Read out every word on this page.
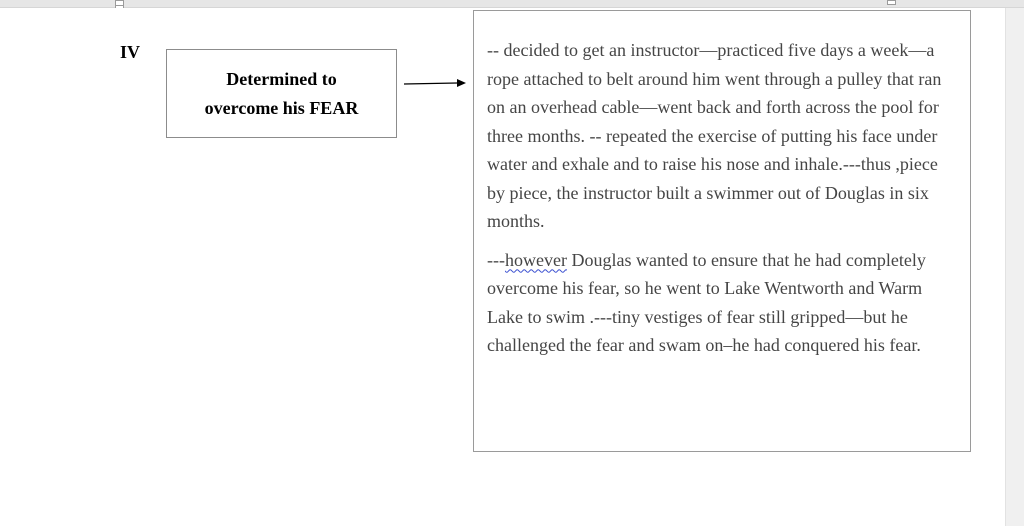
IV
Determined to
overcome his FEAR

-- decided to get an instructor—practiced five days a week—a rope attached to belt around him went through a pulley that ran on an overhead cable—went back and forth across the pool for three months. -- repeated the exercise of putting his face under water and exhale and to raise his nose and inhale.---thus ,piece by piece, the instructor built a swimmer out of Douglas in six months.

---however Douglas wanted to ensure that he had completely overcome his fear, so he went to Lake Wentworth and Warm Lake to swim .---tiny vestiges of fear still gripped—but he challenged the fear and swam on–he had conquered his fear.
